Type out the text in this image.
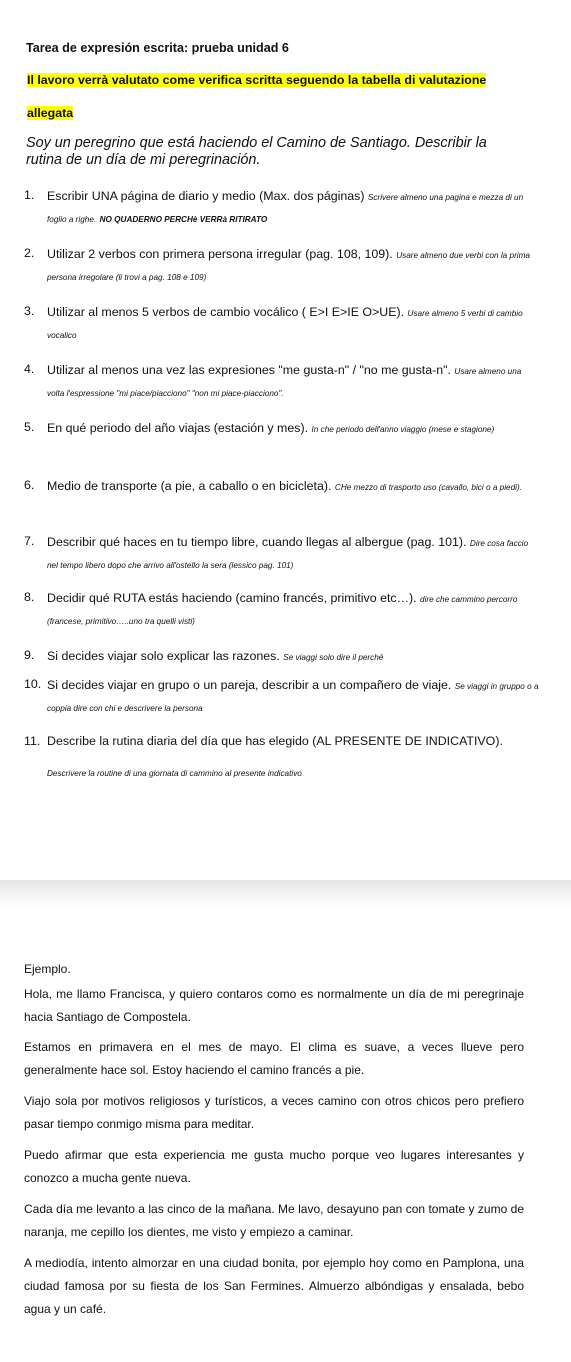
Tarea de expresión escrita: prueba unidad 6
Il lavoro verrà valutato come verifica scritta seguendo la tabella di valutazione
allegata
Soy un peregrino que está haciendo el Camino de Santiago. Describir la rutina de un día de mi peregrinación.
1. Escribir UNA página de diario y medio (Max. dos páginas) Scrivere almeno una pagina e mezza di un foglio a righe. NO QUADERNO PERCHè VERRà RITIRATO
2. Utilizar 2 verbos con primera persona irregular (pag. 108, 109). Usare almeno due verbi con la prima persona irregolare (li trovi a pag. 108 e 109)
3. Utilizar al menos 5 verbos de cambio vocálico ( E>I E>IE O>UE). Usare almeno 5 verbi di cambio vocalico
4. Utilizar al menos una vez las expresiones "me gusta-n" / "no me gusta-n". Usare almeno una volta l'espressione "mi piace/piacciono" "non mi piace-piacciono".
5. En qué periodo del año viajas (estación y mes). In che periodo dell'anno viaggio (mese e stagione)
6. Medio de transporte (a pie, a caballo o en bicicleta). CHe mezzo di trasporto uso (cavallo, bici o a piedi).
7. Describir qué haces en tu tiempo libre, cuando llegas al albergue (pag. 101). Dire cosa faccio nel tempo libero dopo che arrivo all'ostello la sera (lessico pag. 101)
8. Decidir qué RUTA estás haciendo (camino francés, primitivo etc…). dire che cammino percorro (francese, primitivo…..uno tra quelli visti)
9. Si decides viajar solo explicar las razones. Se viaggi solo dire il perché
10. Si decides viajar en grupo o un pareja, describir a un compañero de viaje. Se viaggi in gruppo o a coppia dire con chi e descrivere la persona
11. Describe la rutina diaria del día que has elegido (AL PRESENTE DE INDICATIVO). Descrivere la routine di una giornata di cammino al presente indicativo
Ejemplo.
Hola, me llamo Francisca, y quiero contaros como es normalmente un día de mi peregrinaje hacia Santiago de Compostela.
Estamos en primavera en el mes de mayo. El clima es suave, a veces llueve pero generalmente hace sol. Estoy haciendo el camino francés a pie.
Viajo sola por motivos religiosos y turísticos, a veces camino con otros chicos pero prefiero pasar tiempo conmigo misma para meditar.
Puedo afirmar que esta experiencia me gusta mucho porque veo lugares interesantes y conozco a mucha gente nueva.
Cada día me levanto a las cinco de la mañana. Me lavo, desayuno pan con tomate y zumo de naranja, me cepillo los dientes, me visto y empiezo a caminar.
A mediodía, intento almorzar en una ciudad bonita, por ejemplo hoy como en Pamplona, una ciudad famosa por su fiesta de los San Fermines. Almuerzo albóndigas y ensalada, bebo agua y un café.
